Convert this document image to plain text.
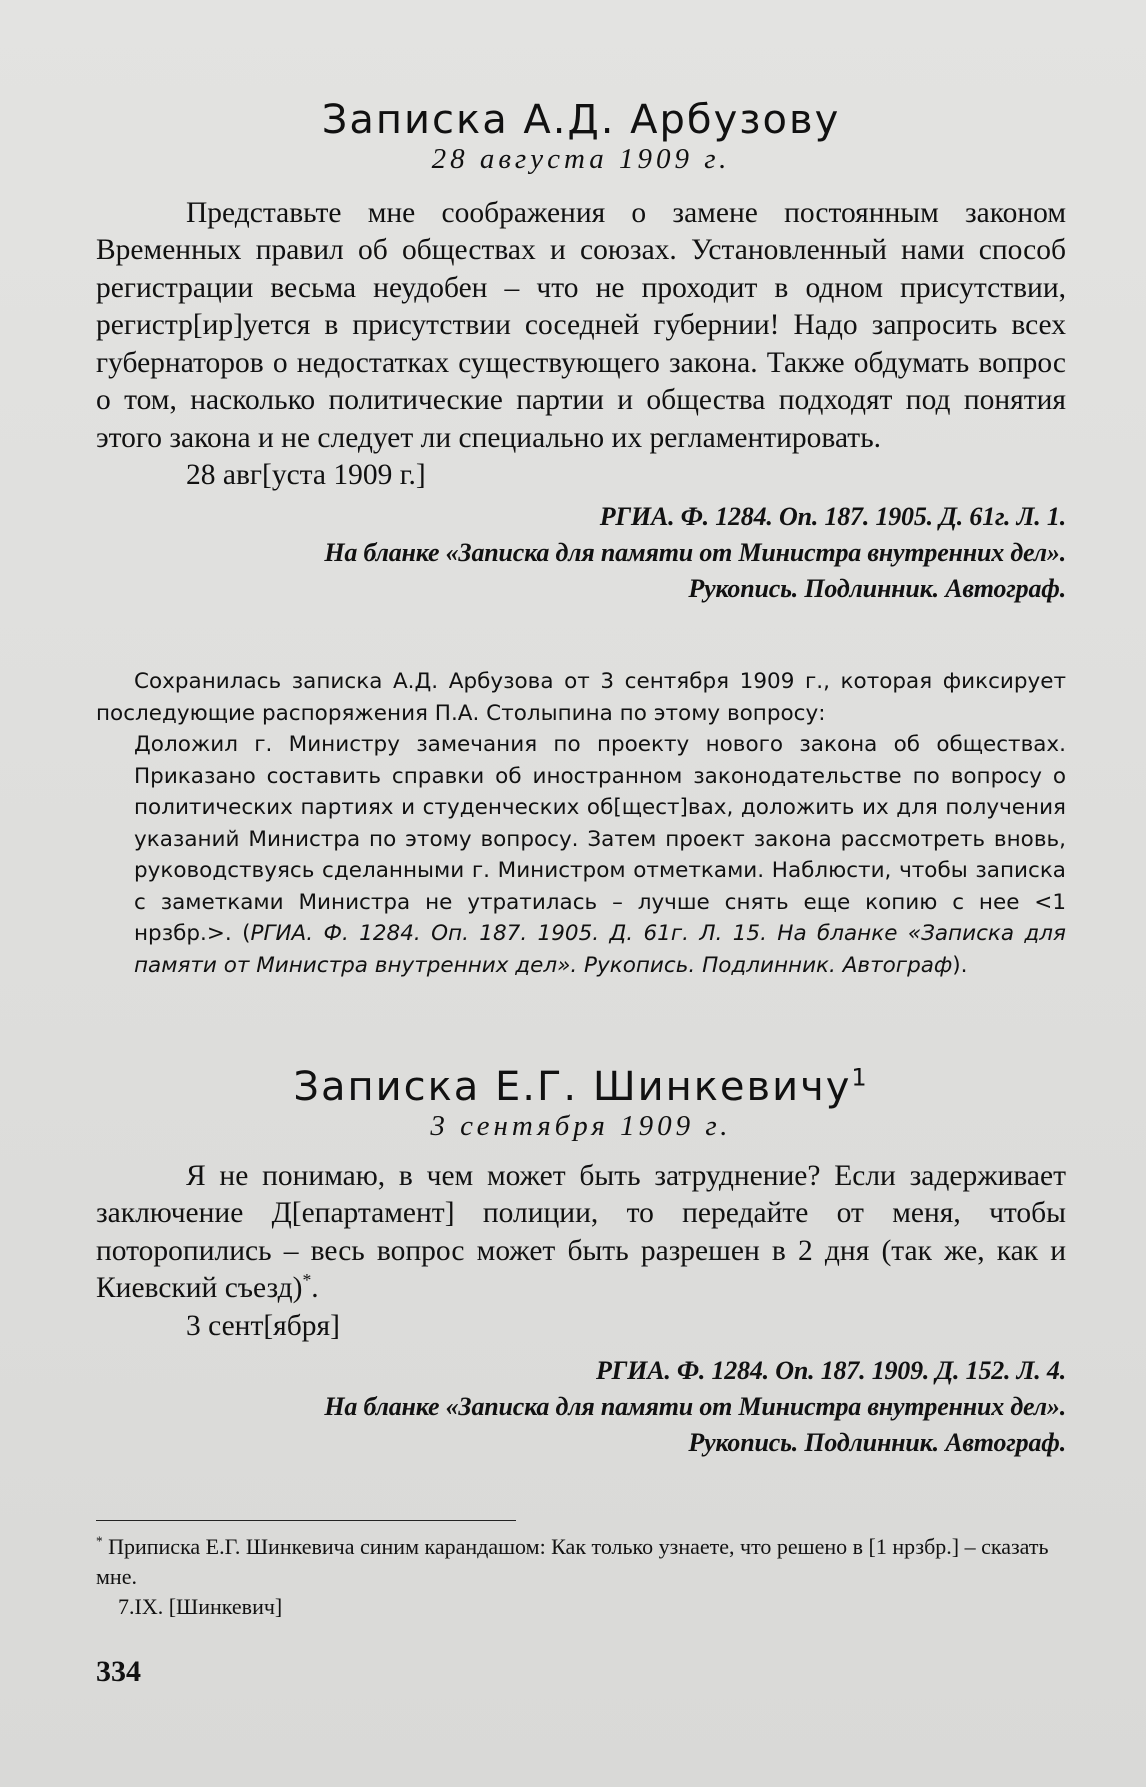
Записка А.Д. Арбузову

28 августа 1909 г.

Представьте мне соображения о замене постоянным законом Временных правил об обществах и союзах. Установленный нами способ регистрации весьма неудобен – что не проходит в одном присутствии, регистр[ир]уется в присутствии соседней губернии! Надо запросить всех губернаторов о недостатках существующего закона. Также обдумать вопрос о том, насколько политические партии и общества подходят под понятия этого закона и не следует ли специально их регламентировать.

28 авг[уста 1909 г.]

РГИА. Ф. 1284. Оп. 187. 1905. Д. 61г. Л. 1.

На бланке «Записка для памяти от Министра внутренних дел».

Рукопись. Подлинник. Автограф.

Сохранилась записка А.Д. Арбузова от 3 сентября 1909 г., которая фиксирует последующие распоряжения П.А. Столыпина по этому вопросу:

Доложил г. Министру замечания по проекту нового закона об обществах. Приказано составить справки об иностранном законодательстве по вопросу о политических партиях и студенческих об[щест]вах, доложить их для получения указаний Министра по этому вопросу. Затем проект закона рассмотреть вновь, руководствуясь сделанными г. Министром отметками. Наблюсти, чтобы записка с заметками Министра не утратилась – лучше снять еще копию с нее <1 нрзбр.>. (РГИА. Ф. 1284. Оп. 187. 1905. Д. 61г. Л. 15. На бланке «Записка для памяти от Министра внутренних дел». Рукопись. Подлинник. Автограф).

Записка Е.Г. Шинкевичу$^1$

3 сентября 1909 г.

Я не понимаю, в чем может быть затруднение? Если задерживает заключение Д[епартамент] полиции, то передайте от меня, чтобы поторопились – весь вопрос может быть разрешен в 2 дня (так же, как и Киевский съезд)*.

3 сент[ября]

РГИА. Ф. 1284. Оп. 187. 1909. Д. 152. Л. 4.

На бланке «Записка для памяти от Министра внутренних дел».

Рукопись. Подлинник. Автограф.

* Приписка Е.Г. Шинкевича синим карандашом: Как только узнаете, что решено в [1 нрзбр.] – сказать мне.

7.IX. [Шинкевич]

334
